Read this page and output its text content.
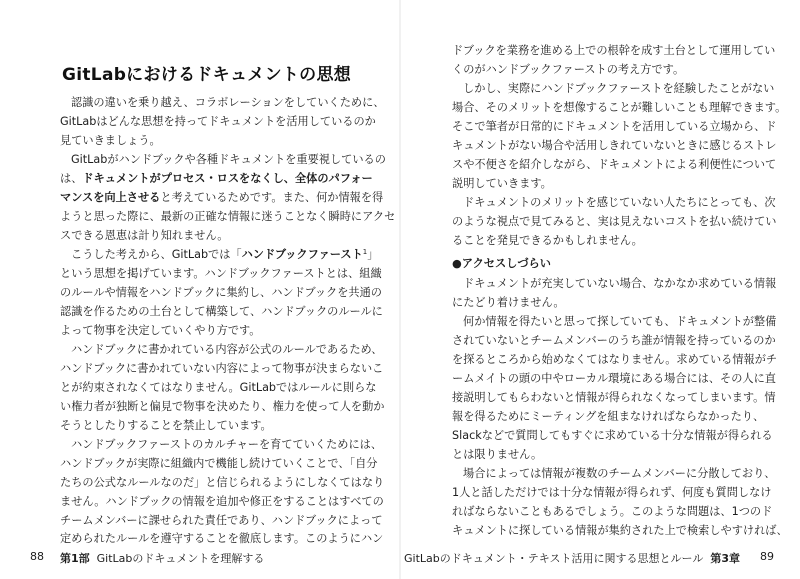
GitLabにおけるドキュメントの思想

認識の違いを乗り越え、コラボレーションをしていくために、

GitLabはどんな思想を持ってドキュメントを活用しているのか

見ていきましょう。

GitLabがハンドブックや各種ドキュメントを重要視しているの

は、ドキュメントがプロセス・ロスをなくし、全体のパフォー

マンスを向上させると考えているためです。また、何か情報を得

ようと思った際に、最新の正確な情報に迷うことなく瞬時にアクセ

スできる恩恵は計り知れません。

こうした考えから、GitLabでは「ハンドブックファースト$^1$」

という思想を掲げています。ハンドブックファーストとは、組織

のルールや情報をハンドブックに集約し、ハンドブックを共通の

認識を作るための土台として構築して、ハンドブックのルールに

よって物事を決定していくやり方です。

ハンドブックに書かれている内容が公式のルールであるため、

ハンドブックに書かれていない内容によって物事が決まらないこ

とが約束されなくてはなりません。GitLabではルールに則らな

い権力者が独断と偏見で物事を決めたり、権力を使って人を動か

そうとしたりすることを禁止しています。

ハンドブックファーストのカルチャーを育てていくためには、

ハンドブックが実際に組織内で機能し続けていくことで、「自分

たちの公式なルールなのだ」と信じられるようにしなくてはなり

ません。ハンドブックの情報を追加や修正をすることはすべての

チームメンバーに課せられた責任であり、ハンドブックによって

定められたルールを遵守することを徹底します。このようにハン

88 第1部 GitLabのドキュメントを理解する

ドブックを業務を進める上での根幹を成す土台として運用してい

くのがハンドブックファーストの考え方です。

しかし、実際にハンドブックファーストを経験したことがない

場合、そのメリットを想像することが難しいことも理解できます。

そこで筆者が日常的にドキュメントを活用している立場から、ド

キュメントがない場合や活用しきれていないときに感じるストレ

スや不便さを紹介しながら、ドキュメントによる利便性について

説明していきます。

ドキュメントのメリットを感じていない人たちにとっても、次

のような視点で見てみると、実は見えないコストを払い続けてい

ることを発見できるかもしれません。

●アクセスしづらい

ドキュメントが充実していない場合、なかなか求めている情報

にたどり着けません。

何か情報を得たいと思って探していても、ドキュメントが整備

されていないとチームメンバーのうち誰が情報を持っているのか

を探るところから始めなくてはなりません。求めている情報がチ

ームメイトの頭の中やローカル環境にある場合には、その人に直

接説明してもらわないと情報が得られなくなってしまいます。情

報を得るためにミーティングを組まなければならなかったり、

Slackなどで質問してもすぐに求めている十分な情報が得られる

とは限りません。

場合によっては情報が複数のチームメンバーに分散しており、

1人と話しただけでは十分な情報が得られず、何度も質問しなけ

ればならないこともあるでしょう。このような問題は、1つのド

キュメントに探している情報が集約された上で検索しやすければ、

GitLabのドキュメント・テキスト活用に関する思想とルール 第3章 89
